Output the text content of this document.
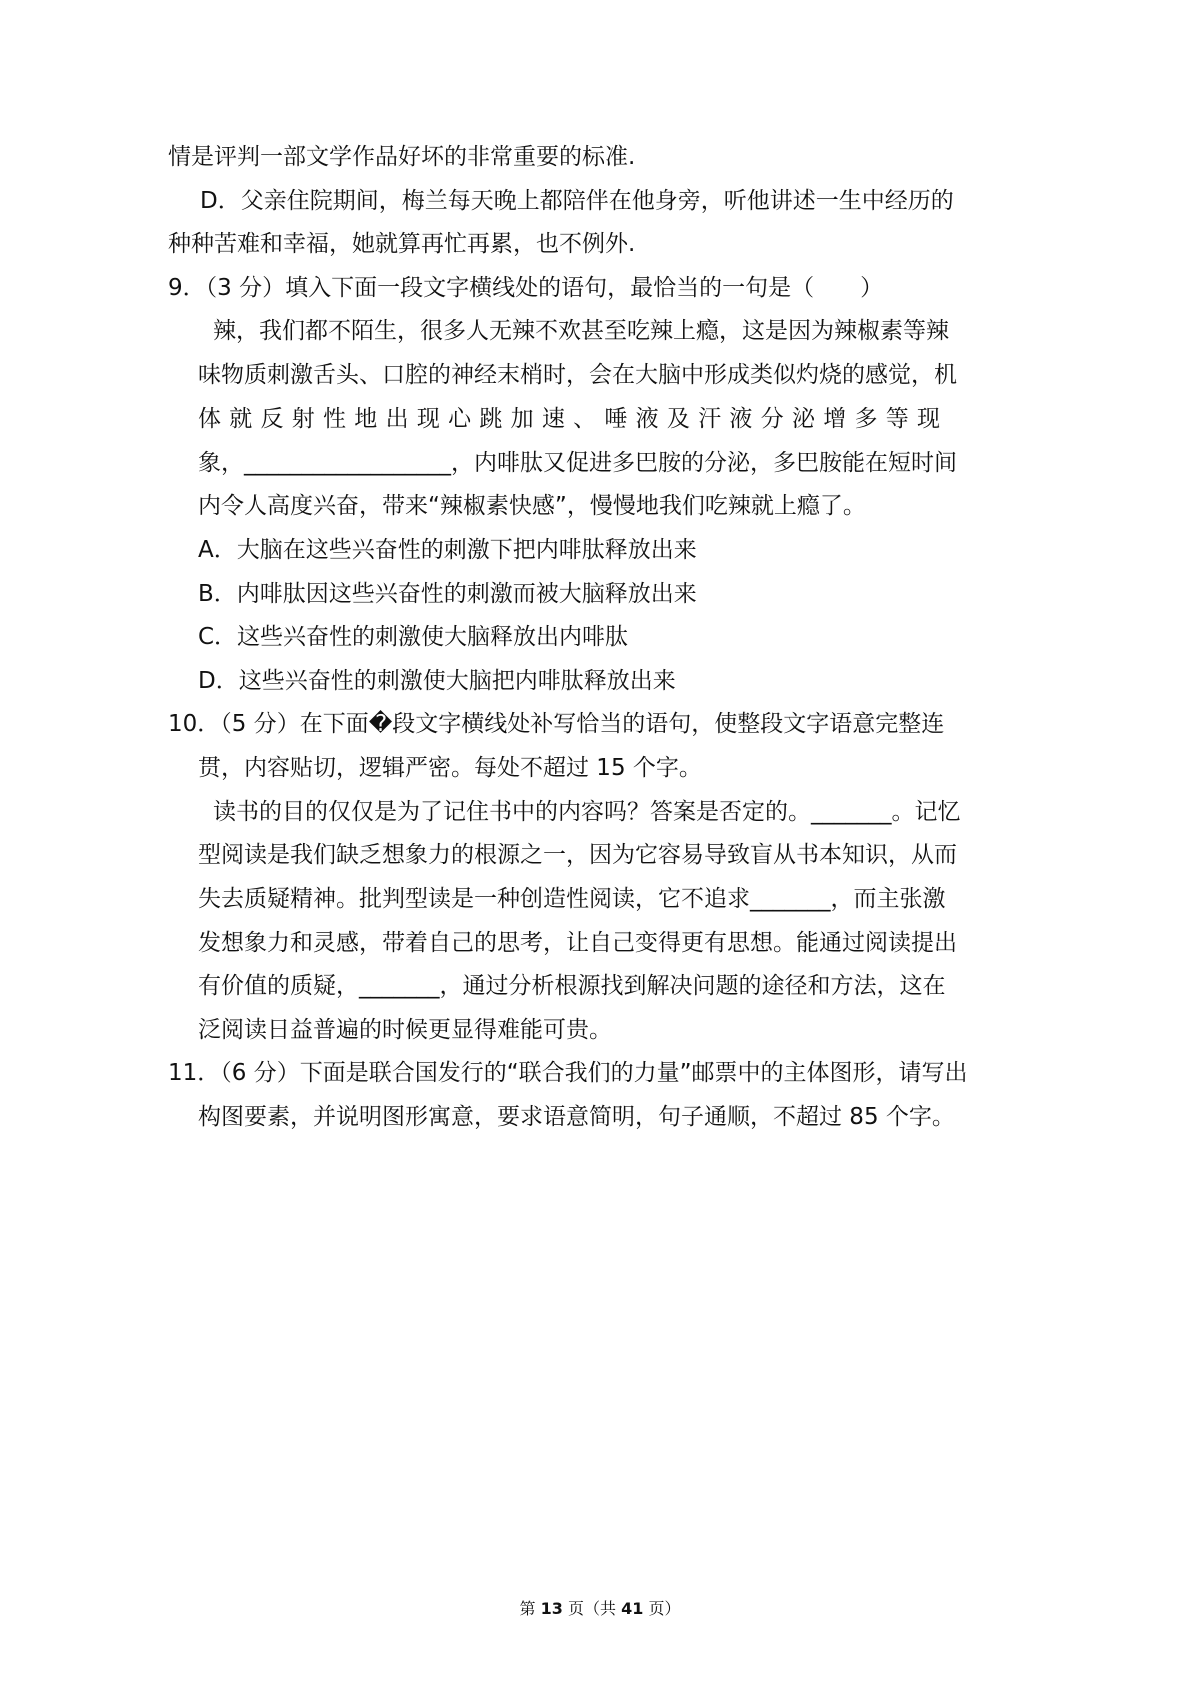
情是评判一部文学作品好坏的非常重要的标准.
D．父亲住院期间，梅兰每天晚上都陪伴在他身旁，听他讲述一生中经历的
种种苦难和幸福，她就算再忙再累，也不例外.
9．（3 分）填入下面一段文字横线处的语句，最恰当的一句是（　　）
辣，我们都不陌生，很多人无辣不欢甚至吃辣上瘾，这是因为辣椒素等辣
味物质刺激舌头、口腔的神经末梢时，会在大脑中形成类似灼烧的感觉，机
体就反射性地出现心跳加速、唾液及汗液分泌增多等现
象，__________________，内啡肽又促进多巴胺的分泌，多巴胺能在短时间
内令人高度兴奋，带来“辣椒素快感”，慢慢地我们吃辣就上瘾了。
A．大脑在这些兴奋性的刺激下把内啡肽释放出来
B．内啡肽因这些兴奋性的刺激而被大脑释放出来
C．这些兴奋性的刺激使大脑释放出内啡肽
D．这些兴奋性的刺激使大脑把内啡肽释放出来
10．（5 分）在下面�段文字横线处补写恰当的语句，使整段文字语意完整连
贯，内容贴切，逻辑严密。每处不超过 15 个字。
读书的目的仅仅是为了记住书中的内容吗？答案是否定的。_______。记忆
型阅读是我们缺乏想象力的根源之一，因为它容易导致盲从书本知识，从而
失去质疑精神。批判型读是一种创造性阅读，它不追求_______，而主张激
发想象力和灵感，带着自己的思考，让自己变得更有思想。能通过阅读提出
有价值的质疑，_______，通过分析根源找到解决问题的途径和方法，这在
泛阅读日益普遍的时候更显得难能可贵。
11．（6 分）下面是联合国发行的“联合我们的力量”邮票中的主体图形，请写出
构图要素，并说明图形寓意，要求语意简明，句子通顺，不超过 85 个字。
第 13 页（共 41 页）
